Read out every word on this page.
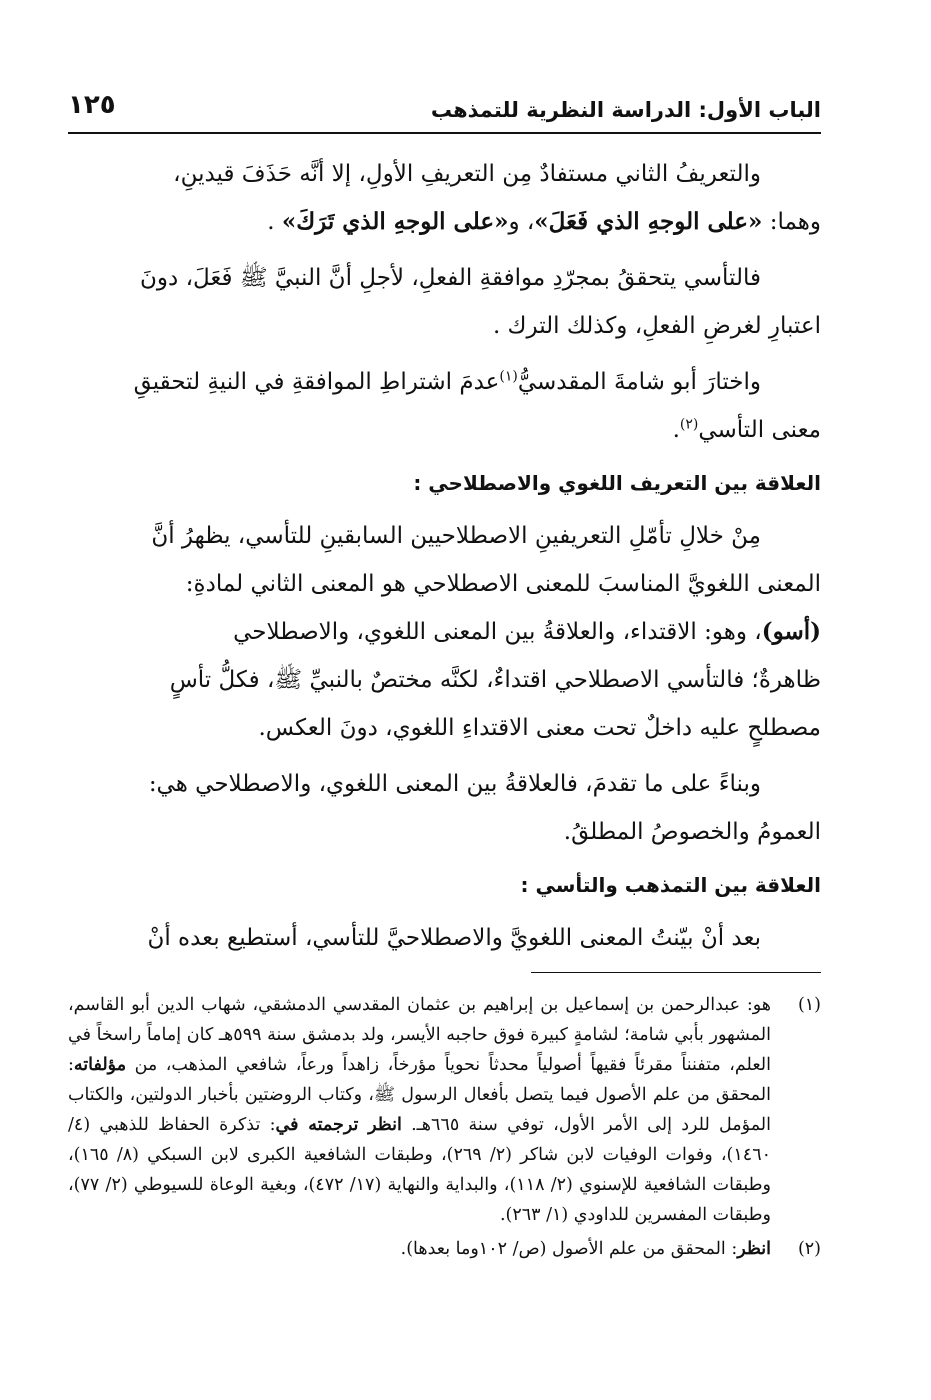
الباب الأول: الدراسة النظرية للتمذهب
١٢٥

والتعريفُ الثاني مستفادٌ مِن التعريفِ الأولِ، إلا أنَّه حَذَفَ قيدينِ،
وهما: «على الوجهِ الذي فَعَلَ»، و«على الوجهِ الذي تَرَكَ» .

فالتأسي يتحققُ بمجرّدِ موافقةِ الفعلِ، لأجلِ أنَّ النبيَّ ﷺ فَعَلَ، دونَ
اعتبارِ لغرضِ الفعلِ، وكذلك الترك .

واختارَ أبو شامةَ المقدسيُّ$^{(١)}$عدمَ اشتراطِ الموافقةِ في النيةِ لتحقيقِ
معنى التأسي$^{(٢)}$.

العلاقة بين التعريف اللغوي والاصطلاحي :

مِنْ خلالِ تأمّلِ التعريفينِ الاصطلاحيين السابقينِ للتأسي، يظهرُ أنَّ
المعنى اللغويَّ المناسبَ للمعنى الاصطلاحي هو المعنى الثاني لمادةِ:
(أسو)، وهو: الاقتداء، والعلاقةُ بين المعنى اللغوي، والاصطلاحي
ظاهرةٌ؛ فالتأسي الاصطلاحي اقتداءٌ، لكنَّه مختصٌ بالنبيِّ ﷺ، فكلُّ تأسٍ
مصطلحٍ عليه داخلٌ تحت معنى الاقتداءِ اللغوي، دونَ العكس.

وبناءً على ما تقدمَ، فالعلاقةُ بين المعنى اللغوي، والاصطلاحي هي:
العمومُ والخصوصُ المطلقُ.

العلاقة بين التمذهب والتأسي :

بعد أنْ بيّنتُ المعنى اللغويَّ والاصطلاحيَّ للتأسي، أستطيع بعده أنْ

(١)
هو: عبدالرحمن بن إسماعيل بن إبراهيم بن عثمان المقدسي الدمشقي، شهاب الدين أبو القاسم، المشهور بأبي شامة؛ لشامةٍ كبيرة فوق حاجبه الأيسر، ولد بدمشق سنة ٥٩٩هـ كان إماماً راسخاً في العلم، متفنناً مقرئاً فقيهاً أصولياً محدثاً نحوياً مؤرخاً، زاهداً ورعاً، شافعي المذهب، من مؤلفاته: المحقق من علم الأصول فيما يتصل بأفعال الرسول ﷺ، وكتاب الروضتين بأخبار الدولتين، والكتاب المؤمل للرد إلى الأمر الأول، توفي سنة ٦٦٥هـ. انظر ترجمته في: تذكرة الحفاظ للذهبي (٤/ ١٤٦٠)، وفوات الوفيات لابن شاكر (٢/ ٢٦٩)، وطبقات الشافعية الكبرى لابن السبكي (٨/ ١٦٥)، وطبقات الشافعية للإسنوي (٢/ ١١٨)، والبداية والنهاية (١٧/ ٤٧٢)، وبغية الوعاة للسيوطي (٢/ ٧٧)، وطبقات المفسرين للداودي (١/ ٢٦٣).
(٢)
انظر: المحقق من علم الأصول (ص/ ١٠٢وما بعدها).
